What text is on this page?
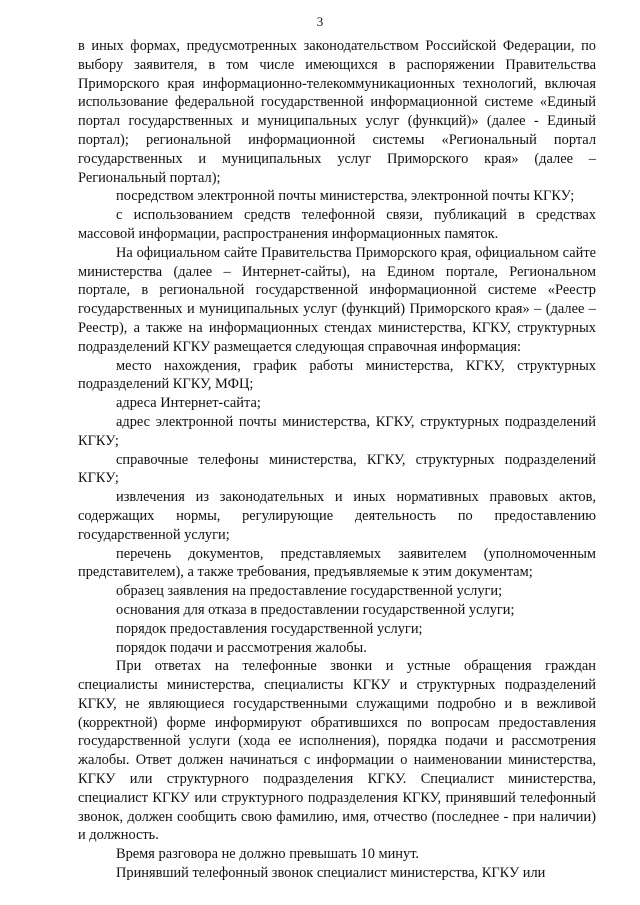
3

в иных формах, предусмотренных законодательством Российской Федерации, по выбору заявителя, в том числе имеющихся в распоряжении Правительства Приморского края информационно-телекоммуникационных технологий, включая использование федеральной государственной информационной системе «Единый портал государственных и муниципальных услуг (функций)» (далее - Единый портал); региональной информационной системы «Региональный портал государственных и муниципальных услуг Приморского края» (далее – Региональный портал);

посредством электронной почты министерства, электронной почты КГКУ;

с использованием средств телефонной связи, публикаций в средствах массовой информации, распространения информационных памяток.

На официальном сайте Правительства Приморского края, официальном сайте министерства (далее – Интернет-сайты), на Едином портале, Региональном портале, в региональной государственной информационной системе «Реестр государственных и муниципальных услуг (функций) Приморского края» – (далее – Реестр), а также на информационных стендах министерства, КГКУ, структурных подразделений КГКУ размещается следующая справочная информация:

место нахождения, график работы министерства, КГКУ, структурных подразделений КГКУ, МФЦ;

адреса Интернет-сайта;

адрес электронной почты министерства, КГКУ, структурных подразделений КГКУ;

справочные телефоны министерства, КГКУ, структурных подразделений КГКУ;

извлечения из законодательных и иных нормативных правовых актов, содержащих нормы, регулирующие деятельность по предоставлению государственной услуги;

перечень документов, представляемых заявителем (уполномоченным представителем), а также требования, предъявляемые к этим документам;

образец заявления на предоставление государственной услуги;

основания для отказа в предоставлении государственной услуги;

порядок предоставления государственной услуги;

порядок подачи и рассмотрения жалобы.

При ответах на телефонные звонки и устные обращения граждан специалисты министерства, специалисты КГКУ и структурных подразделений КГКУ, не являющиеся государственными служащими подробно и в вежливой (корректной) форме информируют обратившихся по вопросам предоставления государственной услуги (хода ее исполнения), порядка подачи и рассмотрения жалобы. Ответ должен начинаться с информации о наименовании министерства, КГКУ или структурного подразделения КГКУ. Специалист министерства, специалист КГКУ или структурного подразделения КГКУ, принявший телефонный звонок, должен сообщить свою фамилию, имя, отчество (последнее - при наличии) и должность.

Время разговора не должно превышать 10 минут.

Принявший телефонный звонок специалист министерства, КГКУ или
